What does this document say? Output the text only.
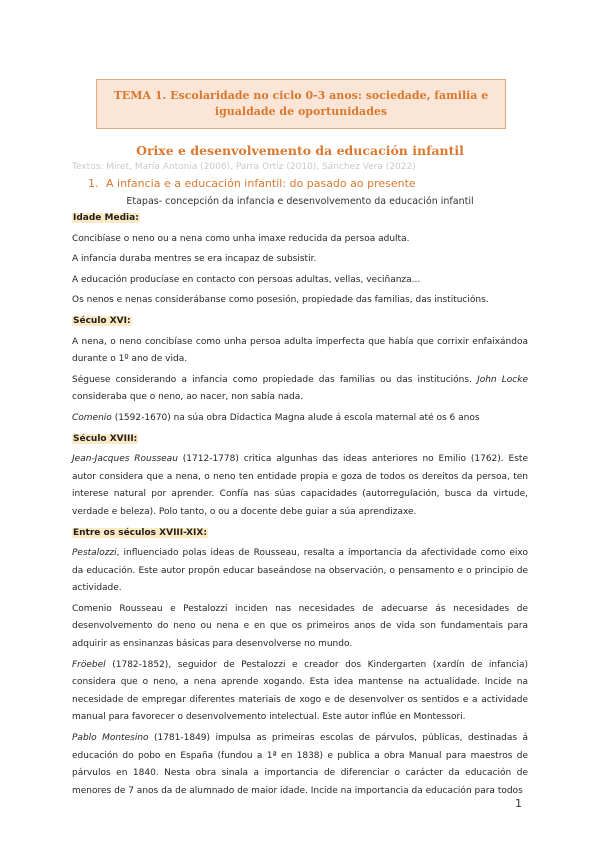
TEMA 1. Escolaridade no ciclo 0-3 anos: sociedade, familia e igualdade de oportunidades
Orixe e desenvolvemento da educación infantil
Textos: Miret, María Antonia (2006), Parra Ortiz (2010), Sánchez Vera (2022)
1. A infancia e a educación infantil: do pasado ao presente
Etapas- concepción da infancia e desenvolvemento da educación infantil

Idade Media:

Concibíase o neno ou a nena como unha imaxe reducida da persoa adulta.

A infancia duraba mentres se era incapaz de subsistir.

A educación producíase en contacto con persoas adultas, vellas, veciñanza...

Os nenos e nenas considerábanse como posesión, propiedade das familias, das institucións.

Século XVI:

A nena, o neno concibíase como unha persoa adulta imperfecta que había que corrixir enfaixándoa durante o 1º ano de vida.

Séguese considerando a infancia como propiedade das familias ou das institucións. John Locke consideraba que o neno, ao nacer, non sabía nada.

Comenio (1592-1670) na súa obra Didactica Magna alude á escola maternal até os 6 anos

Século XVIII:

Jean-Jacques Rousseau (1712-1778) critica algunhas das ideas anteriores no Emilio (1762). Este autor considera que a nena, o neno ten entidade propia e goza de todos os dereitos da persoa, ten interese natural por aprender. Confía nas súas capacidades (autorregulación, busca da virtude, verdade e beleza). Polo tanto, o ou a docente debe guiar a súa aprendizaxe.

Entre os séculos XVIII-XIX:

Pestalozzi, influenciado polas ideas de Rousseau, resalta a importancia da afectividade como eixo da educación. Este autor propón educar baseándose na observación, o pensamento e o principio de actividade.

Comenio Rousseau e Pestalozzi inciden nas necesidades de adecuarse ás necesidades de desenvolvemento do neno ou nena e en que os primeiros anos de vida son fundamentais para adquirir as ensinanzas básicas para desenvolverse no mundo.

Fröebel (1782-1852), seguidor de Pestalozzi e creador dos Kindergarten (xardín de infancia) considera que o neno, a nena aprende xogando. Esta idea mantense na actualidade. Incide na necesidade de empregar diferentes materiais de xogo e de desenvolver os sentidos e a actividade manual para favorecer o desenvolvemento intelectual. Este autor inflúe en Montessori.

Pablo Montesino (1781-1849) impulsa as primeiras escolas de párvulos, públicas, destinadas á educación do pobo en España (fundou a 1ª en 1838) e publica a obra Manual para maestros de párvulos en 1840. Nesta obra sinala a importancia de diferenciar o carácter da educación de menores de 7 anos da de alumnado de maior idade. Incide na importancia da educación para todos

1
